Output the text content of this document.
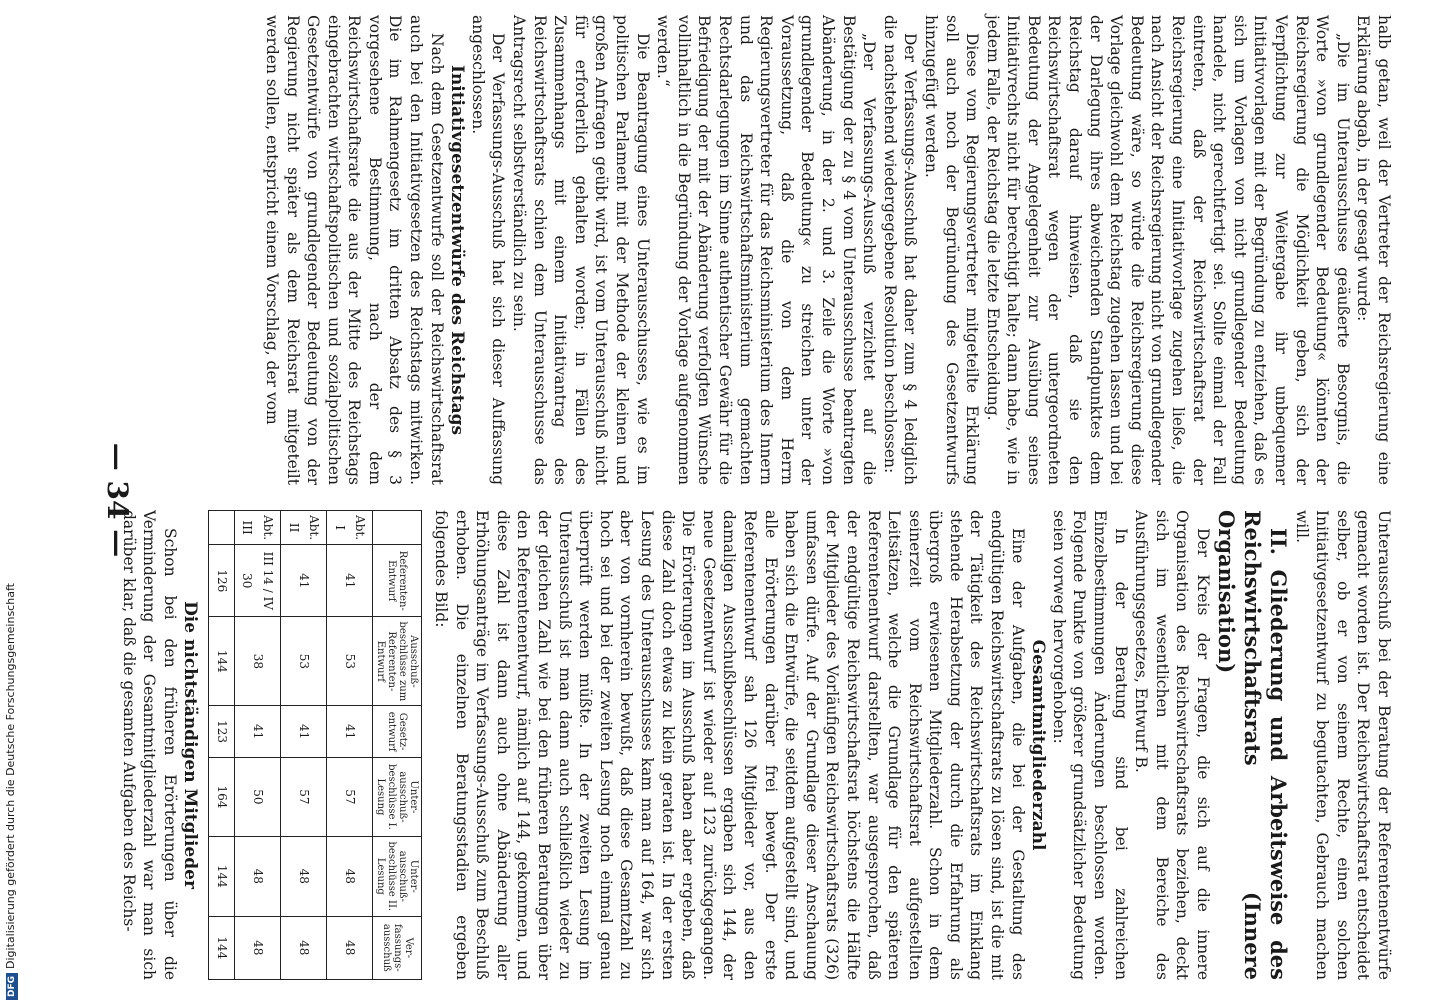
— 34 —

halb getan, weil der Vertreter der Reichsregierung eine Erklärung abgab, in der gesagt wurde:

„Die im Unterausschusse geäußerte Besorgnis, die Worte »von grundlegender Bedeutung« könnten der Reichsregierung die Möglichkeit geben, sich der Verpflichtung zur Weitergabe ihr unbequemer Initiativvorlagen mit der Begründung zu entziehen, daß es sich um Vorlagen von nicht grundlegender Bedeutung handele, nicht gerechtfertigt sei. Sollte einmal der Fall eintreten, daß der Reichswirtschaftsrat der Reichsregierung eine Initiativvorlage zugehen ließe, die nach Ansicht der Reichsregierung nicht von grundlegender Bedeutung wäre, so würde die Reichsregierung diese Vorlage gleichwohl dem Reichstag zugehen lassen und bei der Darlegung ihres abweichenden Standpunktes dem Reichstag darauf hinweisen, daß sie den Reichswirtschaftsrat wegen der untergeordneten Bedeutung der Angelegenheit zur Ausübung seines Initiativrechts nicht für berechtigt halte; dann habe, wie in jedem Falle, der Reichstag die letzte Entscheidung.

Diese vom Regierungsvertreter mitgeteilte Erklärung soll auch noch der Begründung des Gesetzentwurfs hinzugefügt werden.

Der Verfassungs-Ausschuß hat daher zum § 4 lediglich die nachstehend wiedergegebene Resolution beschlossen:

„Der Verfassungs-Ausschuß verzichtet auf die Bestätigung der zu § 4 vom Unterausschusse beantragten Abänderung, in der 2. und 3. Zeile die Worte »von grundlegender Bedeutung« zu streichen unter der Voraussetzung, daß die von dem Herrn Regierungsvertreter für das Reichsministerium des Innern und das Reichswirtschaftsministerium gemachten Rechtsdarlegungen im Sinne authentischer Gewähr für die Befriedigung der mit der Abänderung verfolgten Wünsche vollinhaltlich in die Begründung der Vorlage aufgenommen werden.“

Die Beantragung eines Unterausschusses, wie es im politischen Parlament mit der Methode der kleinen und großen Anfragen geübt wird, ist vom Unterausschuß nicht für erforderlich gehalten worden; in Fällen des Zusammenhangs mit einem Initiativantrag des Reichswirtschaftsrats schien dem Unterausschusse das Antragsrecht selbstverständlich zu sein.

Der Verfassungs-Ausschuß hat sich dieser Auffassung angeschlossen.

Initiativgesetzentwürfe des Reichstags

Nach dem Gesetzentwurfe soll der Reichswirtschaftsrat auch bei den Initiativgesetzen des Reichstags mitwirken. Die im Rahmengesetz im dritten Absatz des § 3 vorgesehene Bestimmung, nach der dem Reichswirtschaftsrate die aus der Mitte des Reichstags eingebrachten wirtschaftspolitischen und sozialpolitischen Gesetzentwürfe von grundlegender Bedeutung von der Regierung nicht später als dem Reichsrat mitgeteilt werden sollen, entspricht einem Vorschlag, der vom

Unterausschuß bei der Beratung der Referentenentwürfe gemacht worden ist. Der Reichswirtschaftsrat entscheidet selber, ob er von seinem Rechte, einen solchen Initiativgesetzentwurf zu begutachten, Gebrauch machen will.

II. Gliederung und Arbeitsweise des Reichswirtschaftsrats (Innere Organisation)

Der Kreis der Fragen, die sich auf die innere Organisation des Reichswirtschaftsrats beziehen, deckt sich im wesentlichen mit dem Bereiche des Ausführungsgesetzes, Entwurf B.

In der Beratung sind bei zahlreichen Einzelbestimmungen Änderungen beschlossen worden. Folgende Punkte von größerer grundsätzlicher Bedeutung seien vorweg hervorgehoben:

Gesamtmitgliederzahl

Eine der Aufgaben, die bei der Gestaltung des endgültigen Reichswirtschaftsrats zu lösen sind, ist die mit der Tätigkeit des Reichswirtschaftsrats im Einklang stehende Herabsetzung der durch die Erfahrung als übergroß erwiesenen Mitgliederzahl. Schon in dem seinerzeit vom Reichswirtschaftsrat aufgestellten Leitsätzen, welche die Grundlage für den späteren Referentenentwurf darstellten, war ausgesprochen, daß der endgültige Reichswirtschaftsrat höchstens die Hälfte der Mitglieder des Vorläufigen Reichswirtschaftsrats (326) umfassen dürfe. Auf der Grundlage dieser Anschauung haben sich die Entwürfe, die seitdem aufgestellt sind, und alle Erörterungen darüber frei bewegt. Der erste Referentenentwurf sah 126 Mitglieder vor, aus den damaligen Ausschußbeschlüssen ergaben sich 144, der neue Gesetzentwurf ist wieder auf 123 zurückgegangen. Die Erörterungen im Ausschuß haben aber ergeben, daß diese Zahl doch etwas zu klein geraten ist. In der ersten Lesung des Unterausschusses kam man auf 164, war sich aber von vornherein bewußt, daß diese Gesamtzahl zu hoch sei und bei der zweiten Lesung noch einmal genau überprüft werden müßte. In der zweiten Lesung im Unterausschuß ist man dann auch schließlich wieder zu der gleichen Zahl wie bei den früheren Beratungen über den Referentenentwurf, nämlich auf 144, gekommen, und diese Zahl ist dann auch ohne Abänderung aller Erhöhungsanträge im Verfassungs-Ausschuß zum Beschluß erhoben. Die einzelnen Beratungsstadien ergeben folgendes Bild:

	Referenten-Entwurf	Ausschuß-beschlüsse zum Referenten-Entwurf	Gesetz-entwurf	Unter-ausschuß-beschlüsse I. Lesung	Unter-ausschuß-beschlüsse II. Lesung	Ver-fassungs-ausschuß
Abt. I	41	53	41	57	48	48
Abt. II	41	53	41	57	48	48
Abt. III	III 14 / IV 30	38	41	50	48	48
	126	144	123	164	144	144

Die nichtständigen Mitglieder

Schon bei den früheren Erörterungen über die Verminderung der Gesamtmitgliederzahl war man sich darüber klar, daß die gesamten Aufgaben des Reichs-

DFGDigitalisierung gefördert durch die Deutsche Forschungsgemeinschaft
